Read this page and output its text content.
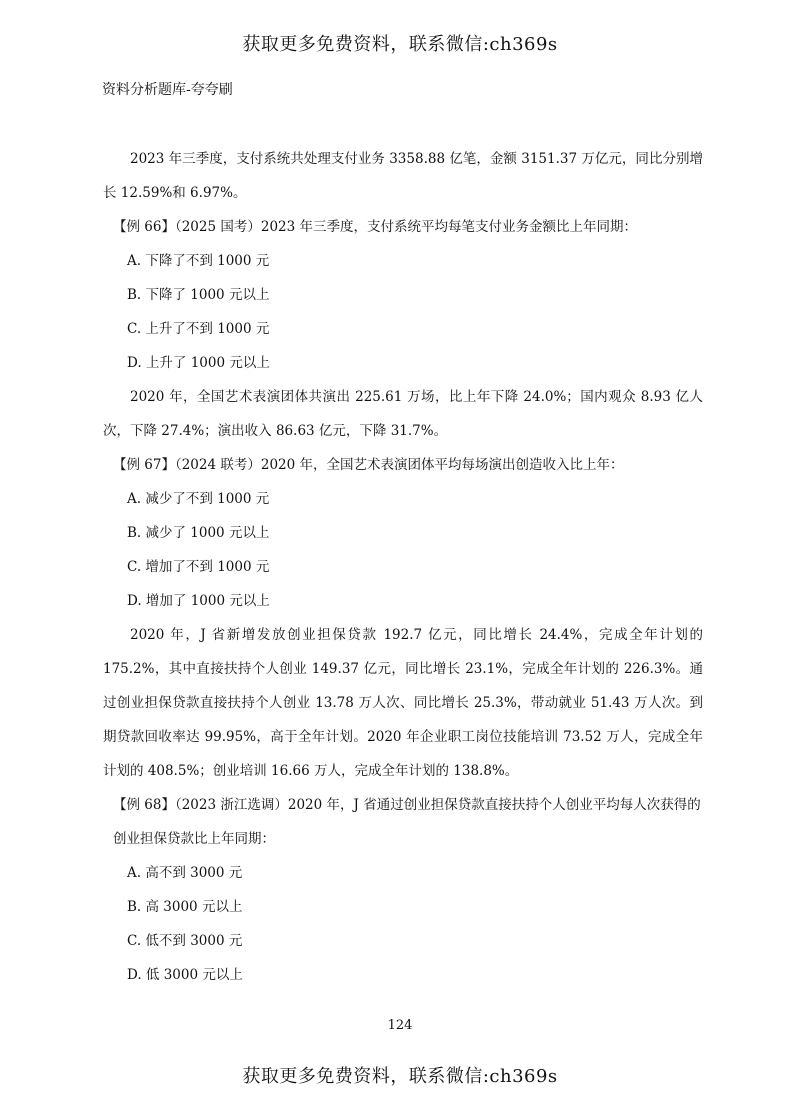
获取更多免费资料，联系微信:ch369s
资料分析题库-夸夸刷

2023 年三季度，支付系统共处理支付业务 3358.88 亿笔，金额 3151.37 万亿元，同比分别增长 12.59%和 6.97%。

【例 66】（2025 国考）2023 年三季度，支付系统平均每笔支付业务金额比上年同期：

A. 下降了不到 1000 元

B. 下降了 1000 元以上

C. 上升了不到 1000 元

D. 上升了 1000 元以上

2020 年，全国艺术表演团体共演出 225.61 万场，比上年下降 24.0%；国内观众 8.93 亿人次，下降 27.4%；演出收入 86.63 亿元，下降 31.7%。

【例 67】（2024 联考）2020 年，全国艺术表演团体平均每场演出创造收入比上年：

A. 减少了不到 1000 元

B. 减少了 1000 元以上

C. 增加了不到 1000 元

D. 增加了 1000 元以上

2020 年，J 省新增发放创业担保贷款 192.7 亿元，同比增长 24.4%，完成全年计划的 175.2%，其中直接扶持个人创业 149.37 亿元，同比增长 23.1%，完成全年计划的 226.3%。通过创业担保贷款直接扶持个人创业 13.78 万人次、同比增长 25.3%，带动就业 51.43 万人次。到期贷款回收率达 99.95%，高于全年计划。2020 年企业职工岗位技能培训 73.52 万人，完成全年计划的 408.5%；创业培训 16.66 万人，完成全年计划的 138.8%。

【例 68】（2023 浙江选调）2020 年，J 省通过创业担保贷款直接扶持个人创业平均每人次获得的创业担保贷款比上年同期：

A. 高不到 3000 元

B. 高 3000 元以上

C. 低不到 3000 元

D. 低 3000 元以上

124
获取更多免费资料，联系微信:ch369s
